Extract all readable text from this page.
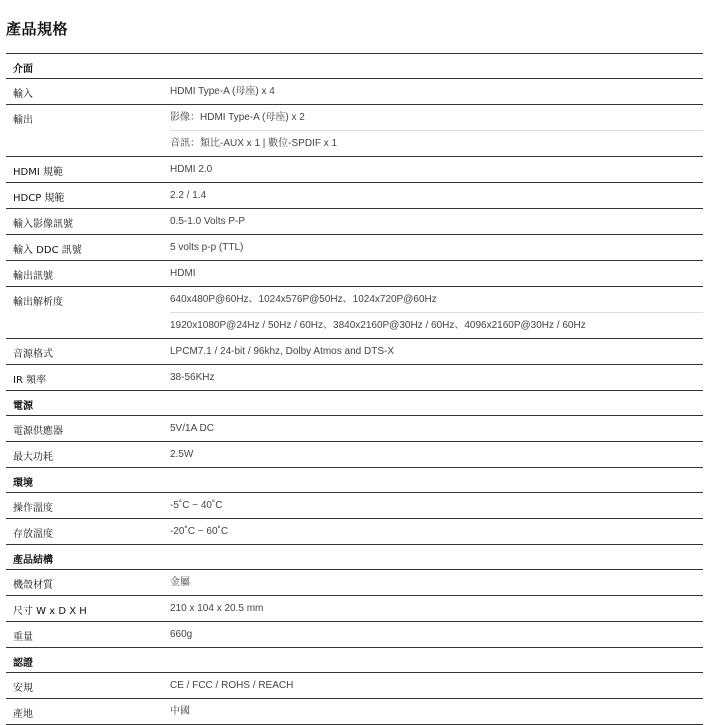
產品規格
介面
輸入	HDMI Type-A (母座) x 4
輸出	影像：HDMI Type-A (母座) x 2
音訊：類比-AUX x 1 | 數位-SPDIF x 1
HDMI 規範	HDMI 2.0
HDCP 規範	2.2 / 1.4
輸入影像訊號	0.5-1.0 Volts P-P
輸入 DDC 訊號	5 volts p-p (TTL)
輸出訊號	HDMI
輸出解析度	640x480P@60Hz、1024x576P@50Hz、1024x720P@60Hz
1920x1080P@24Hz / 50Hz / 60Hz、3840x2160P@30Hz / 60Hz、4096x2160P@30Hz / 60Hz
音源格式	LPCM7.1 / 24-bit / 96khz, Dolby Atmos and DTS-X
IR 頻率	38-56KHz
電源
電源供應器	5V/1A DC
最大功耗	2.5W
環境
操作溫度	-5˚C ~ 40˚C
存放溫度	-20˚C ~ 60˚C
產品結構
機殼材質	金屬
尺寸 W x D X H	210 x 104 x 20.5 mm
重量	660g
認證
安規	CE / FCC / ROHS / REACH
產地	中國
